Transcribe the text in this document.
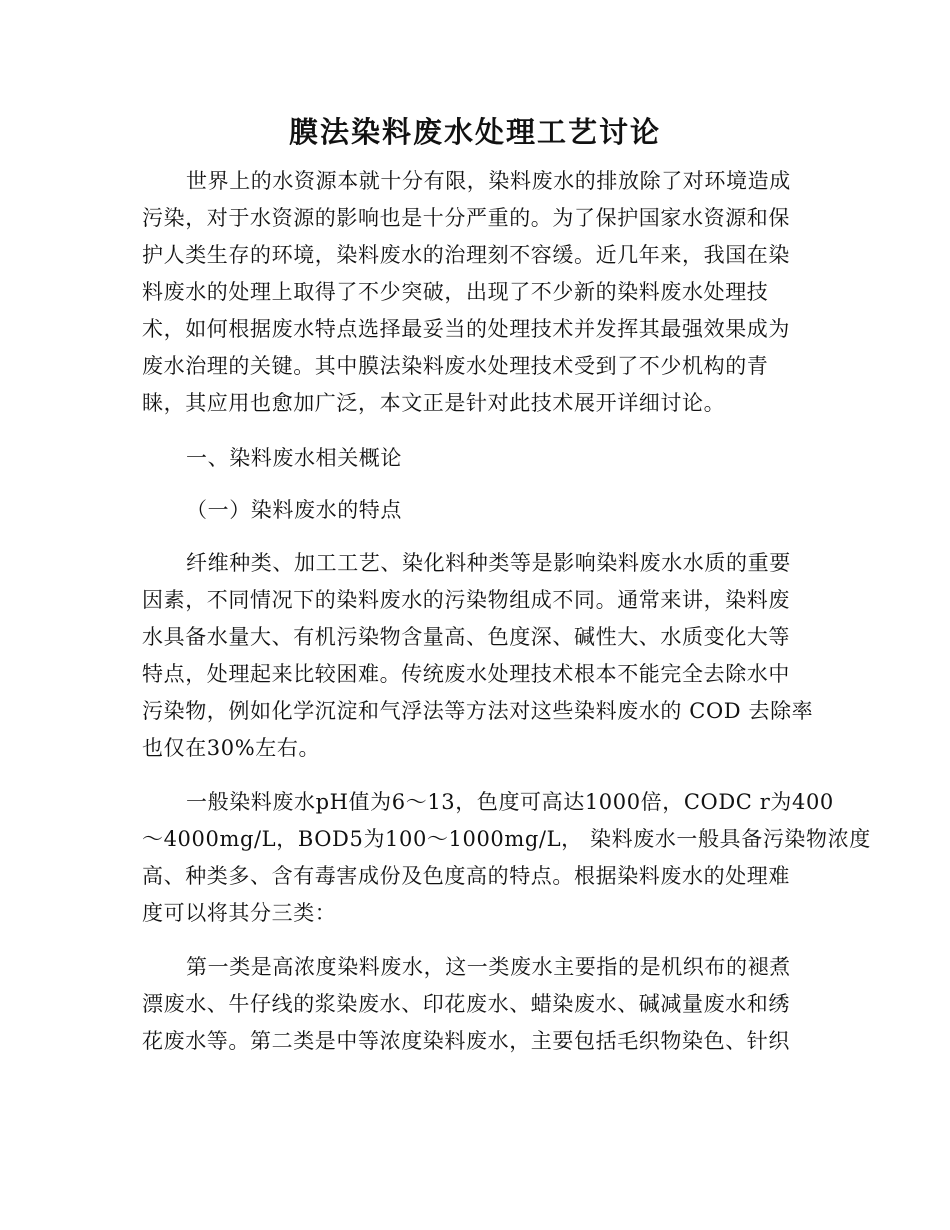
膜法染料废水处理工艺讨论
世界上的水资源本就十分有限，染料废水的排放除了对环境造成
污染，对于水资源的影响也是十分严重的。为了保护国家水资源和保
护人类生存的环境，染料废水的治理刻不容缓。近几年来，我国在染
料废水的处理上取得了不少突破，出现了不少新的染料废水处理技
术，如何根据废水特点选择最妥当的处理技术并发挥其最强效果成为
废水治理的关键。其中膜法染料废水处理技术受到了不少机构的青
睐，其应用也愈加广泛，本文正是针对此技术展开详细讨论。
一、染料废水相关概论
（一）染料废水的特点
纤维种类、加工工艺、染化料种类等是影响染料废水水质的重要
因素，不同情况下的染料废水的污染物组成不同。通常来讲，染料废
水具备水量大、有机污染物含量高、色度深、碱性大、水质变化大等
特点，处理起来比较困难。传统废水处理技术根本不能完全去除水中
污染物，例如化学沉淀和气浮法等方法对这些染料废水的 COD 去除率
也仅在30%左右。
一般染料废水pH值为6～13，色度可高达1000倍，CODC r为400
～4000mg/L，BOD5为100～1000mg/L， 染料废水一般具备污染物浓度
高、种类多、含有毒害成份及色度高的特点。根据染料废水的处理难
度可以将其分三类：
第一类是高浓度染料废水，这一类废水主要指的是机织布的褪煮
漂废水、牛仔线的浆染废水、印花废水、蜡染废水、碱减量废水和绣
花废水等。第二类是中等浓度染料废水，主要包括毛织物染色、针织
